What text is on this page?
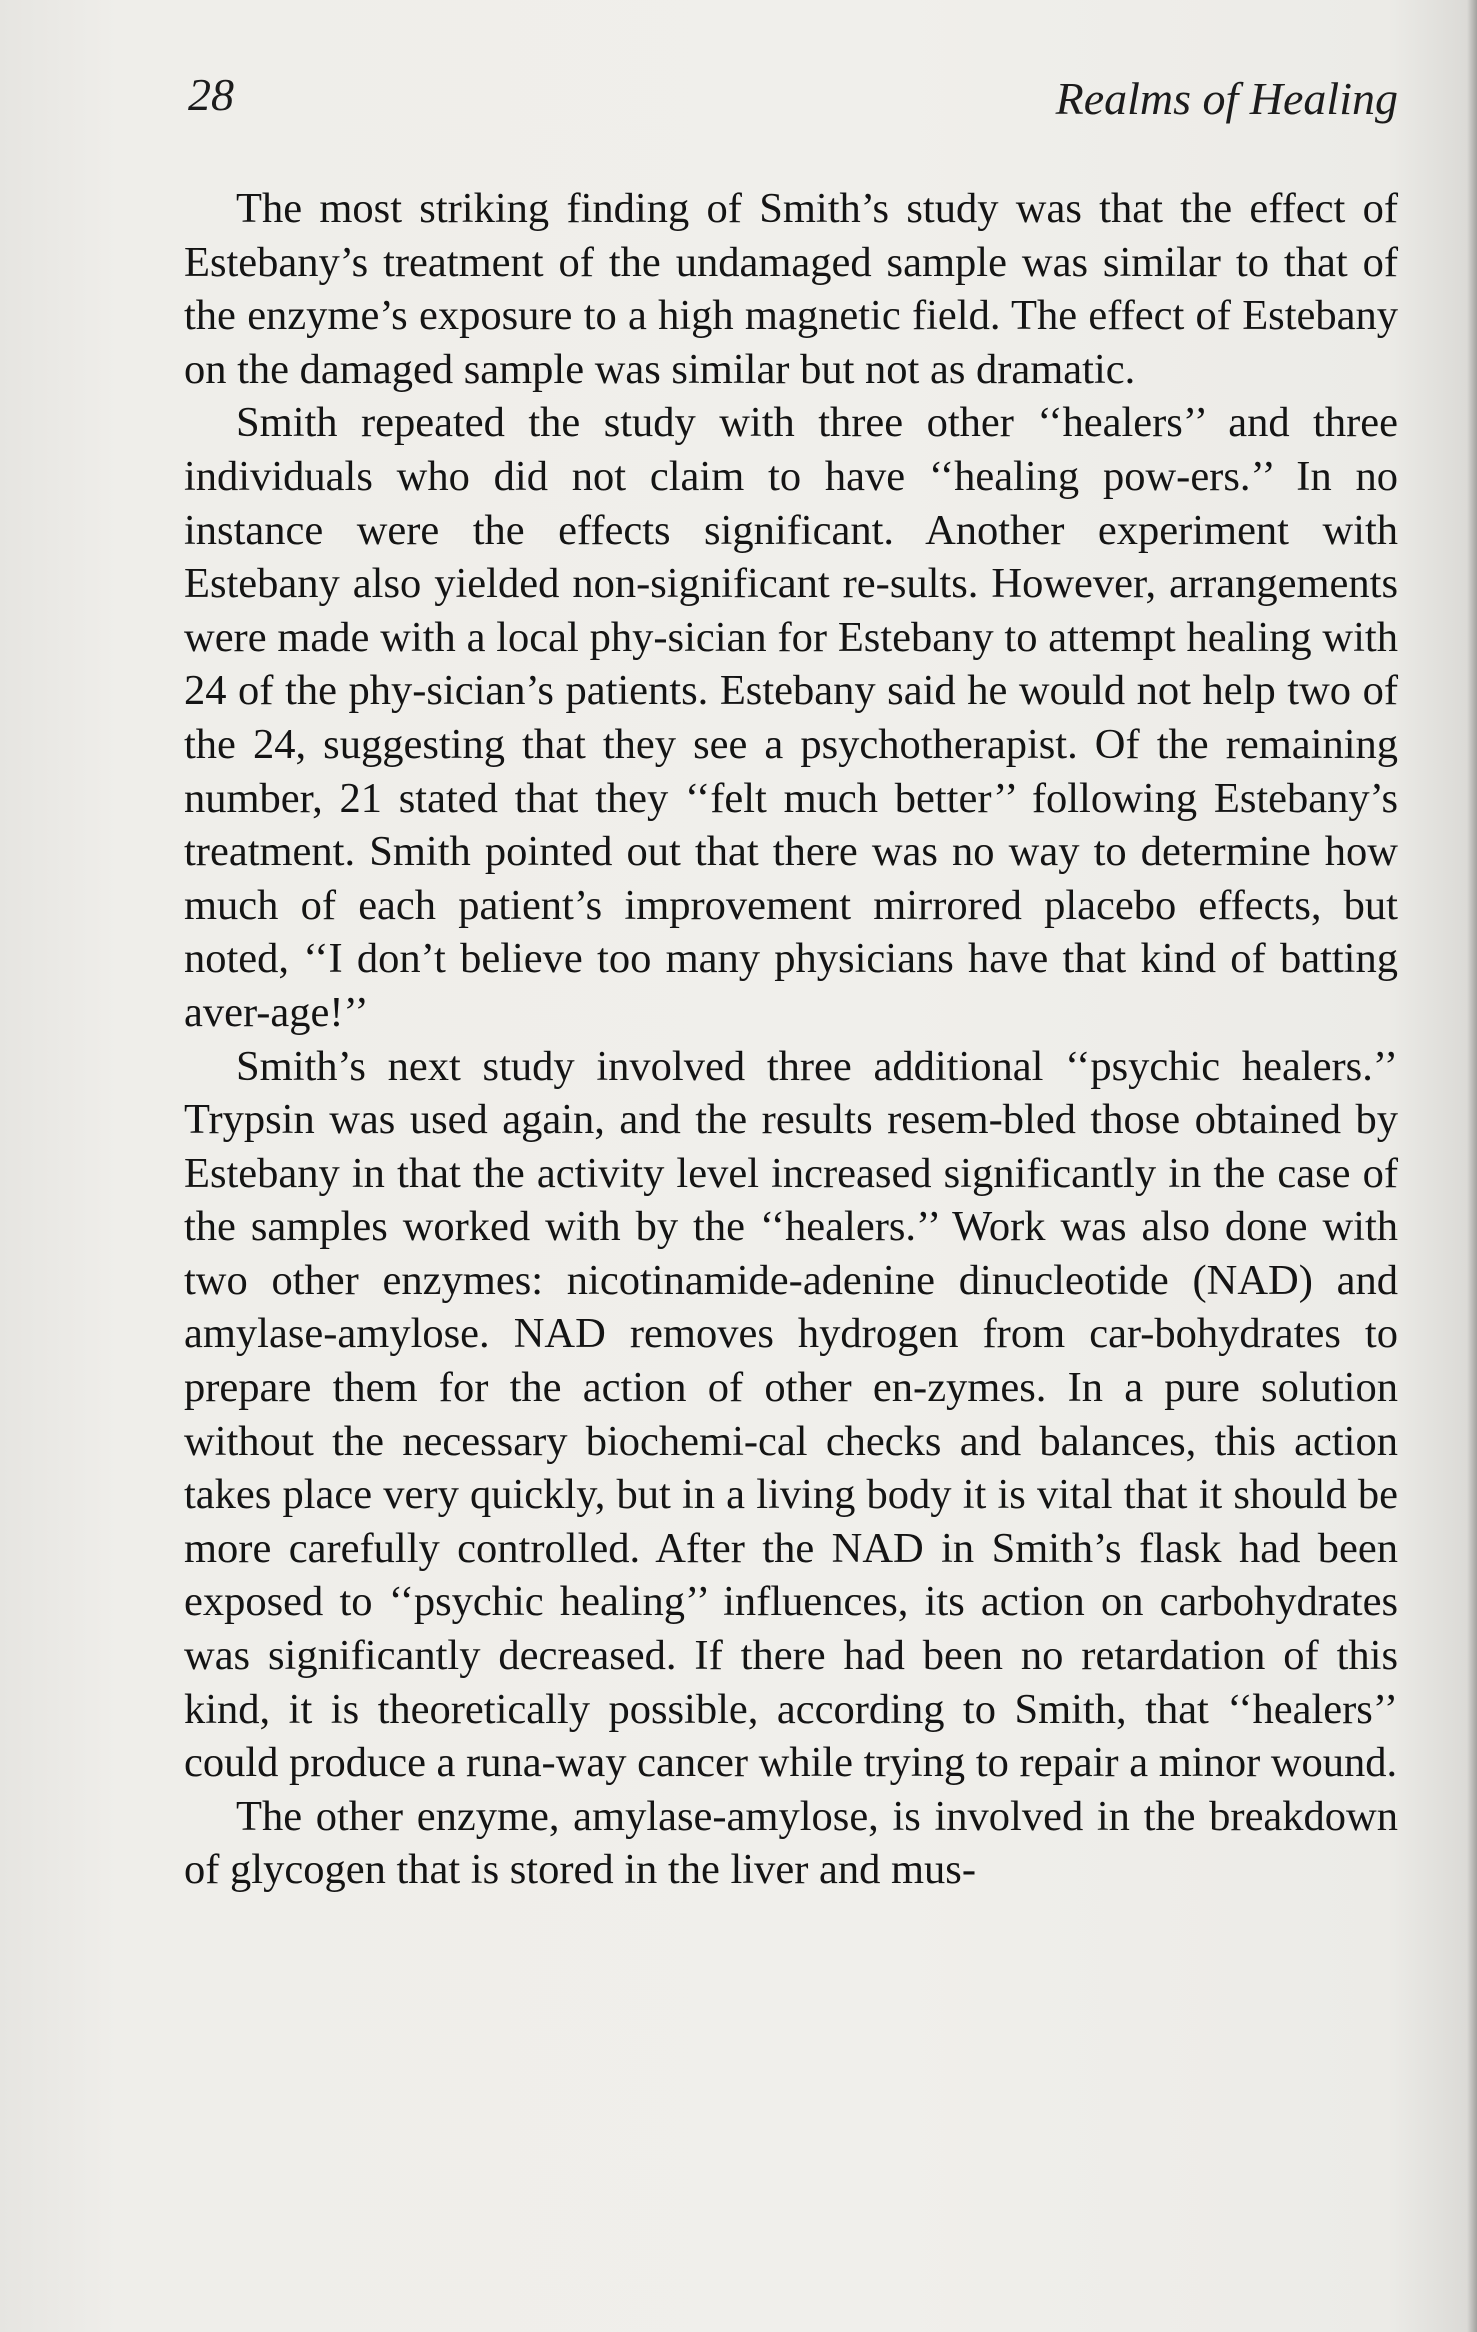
28	Realms of Healing

The most striking finding of Smith’s study was that the effect of Estebany’s treatment of the undamaged sample was similar to that of the enzyme’s exposure to a high magnetic field. The effect of Estebany on the damaged sample was similar but not as dramatic.

Smith repeated the study with three other ‘‘healers’’ and three individuals who did not claim to have ‘‘healing pow-ers.’’ In no instance were the effects significant. Another experiment with Estebany also yielded non-significant re-sults. However, arrangements were made with a local phy-sician for Estebany to attempt healing with 24 of the phy-sician’s patients. Estebany said he would not help two of the 24, suggesting that they see a psychotherapist. Of the remaining number, 21 stated that they ‘‘felt much better’’ following Estebany’s treatment. Smith pointed out that there was no way to determine how much of each patient’s improvement mirrored placebo effects, but noted, ‘‘I don’t believe too many physicians have that kind of batting aver-age!’’

Smith’s next study involved three additional ‘‘psychic healers.’’ Trypsin was used again, and the results resem-bled those obtained by Estebany in that the activity level increased significantly in the case of the samples worked with by the ‘‘healers.’’ Work was also done with two other enzymes: nicotinamide-adenine dinucleotide (NAD) and amylase-amylose. NAD removes hydrogen from car-bohydrates to prepare them for the action of other en-zymes. In a pure solution without the necessary biochemi-cal checks and balances, this action takes place very quickly, but in a living body it is vital that it should be more carefully controlled. After the NAD in Smith’s flask had been exposed to ‘‘psychic healing’’ influences, its action on carbohydrates was significantly decreased. If there had been no retardation of this kind, it is theoretically possible, according to Smith, that ‘‘healers’’ could produce a runa-way cancer while trying to repair a minor wound.

The other enzyme, amylase-amylose, is involved in the breakdown of glycogen that is stored in the liver and mus-
